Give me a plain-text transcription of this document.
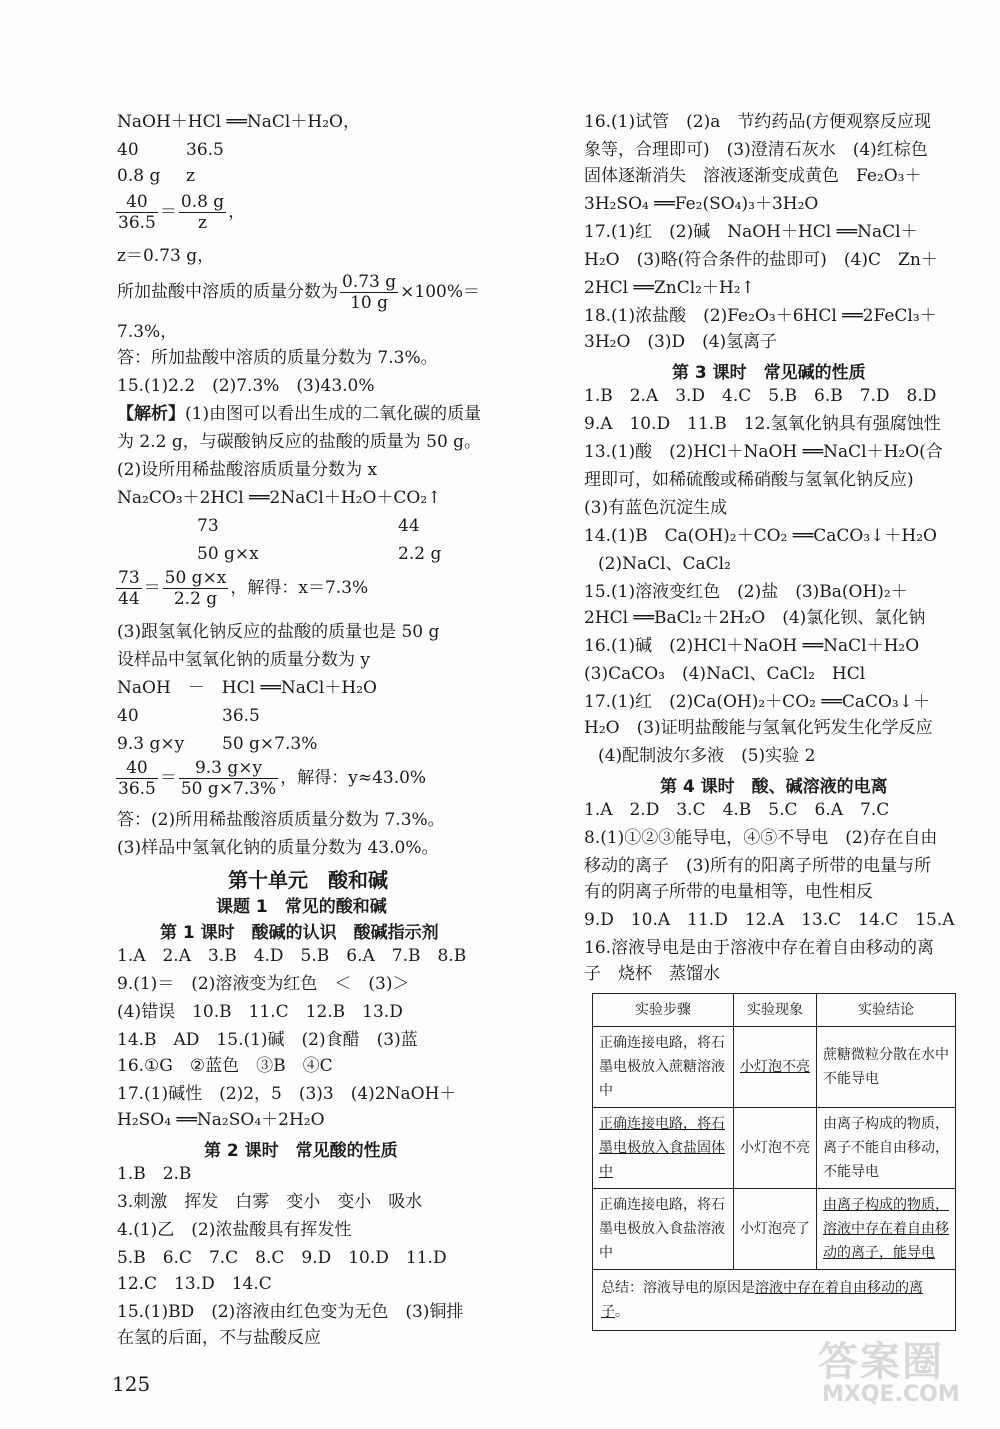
NaOH＋HCl ══NaCl＋H₂O，
40	36.5
0.8 g z
$\frac{40}{36.5} = \frac{0.8 g}{z}$ ，
z＝0.73 g，
所加盐酸中溶质的质量分数为 $\frac{0.73 g}{10 g} \times 100\%=$
7.3%，
答：所加盐酸中溶质的质量分数为 7.3%。
15.(1)2.2　(2)7.3%　(3)43.0%
【解析】(1)由图可以看出生成的二氧化碳的质量
为 2.2 g，与碳酸钠反应的盐酸的质量为 50 g。
(2)设所用稀盐酸溶质质量分数为 x
Na₂CO₃＋2HCl ══2NaCl＋H₂O＋CO₂↑
73	44
50 g×x	2.2 g
$\frac{73}{44} = \frac{50 g\times x}{2.2 g}$ ，解得：x＝7.3%
(3)跟氢氧化钠反应的盐酸的质量也是 50 g
设样品中氢氧化钠的质量分数为 y
NaOH　－　HCl ══NaCl＋H₂O
40	36.5
9.3 g×y 50 g×7.3%
$\frac{40}{36.5} = \frac{9.3 g\times y}{50 g\times 7.3\%}$ ，解得：y≈43.0%
答：(2)所用稀盐酸溶质质量分数为 7.3%。
(3)样品中氢氧化钠的质量分数为 43.0%。
第十单元　酸和碱
课题 1　常见的酸和碱
第 1 课时　酸碱的认识　酸碱指示剂
1.A　2.A　3.B　4.D　5.B　6.A　7.B　8.B
9.(1)＝　(2)溶液变为红色　＜　(3)＞
(4)错误　10.B　11.C　12.B　13.D
14.B　AD　15.(1)碱　(2)食醋　(3)蓝
16.①G　②蓝色　③B　④C
17.(1)碱性　(2)2，5　(3)3　(4)2NaOH＋
H₂SO₄ ══Na₂SO₄＋2H₂O
第 2 课时　常见酸的性质
1.B　2.B
3.刺激　挥发　白雾　变小　变小　吸水
4.(1)乙　(2)浓盐酸具有挥发性
5.B　6.C　7.C　8.C　9.D　10.D　11.D
12.C　13.D　14.C
15.(1)BD　(2)溶液由红色变为无色　(3)铜排
在氢的后面，不与盐酸反应
16.(1)试管　(2)a　节约药品(方便观察反应现
象等，合理即可)　(3)澄清石灰水　(4)红棕色
固体逐渐消失　溶液逐渐变成黄色　Fe₂O₃＋
3H₂SO₄ ══Fe₂(SO₄)₃＋3H₂O
17.(1)红　(2)碱　NaOH＋HCl ══NaCl＋
H₂O　(3)略(符合条件的盐即可)　(4)C　Zn＋
2HCl ══ZnCl₂＋H₂↑
18.(1)浓盐酸　(2)Fe₂O₃＋6HCl ══2FeCl₃＋
3H₂O　(3)D　(4)氢离子
第 3 课时　常见碱的性质
1.B　2.A　3.D　4.C　5.B　6.B　7.D　8.D
9.A　10.D　11.B　12.氢氧化钠具有强腐蚀性
13.(1)酸　(2)HCl＋NaOH ══NaCl＋H₂O(合
理即可，如稀硫酸或稀硝酸与氢氧化钠反应)
(3)有蓝色沉淀生成
14.(1)B　Ca(OH)₂＋CO₂ ══CaCO₃↓＋H₂O
(2)NaCl、CaCl₂
15.(1)溶液变红色　(2)盐　(3)Ba(OH)₂＋
2HCl ══BaCl₂＋2H₂O　(4)氯化钡、氯化钠
16.(1)碱　(2)HCl＋NaOH ══NaCl＋H₂O
(3)CaCO₃　(4)NaCl、CaCl₂　HCl
17.(1)红　(2)Ca(OH)₂＋CO₂ ══CaCO₃↓＋
H₂O　(3)证明盐酸能与氢氧化钙发生化学反应
(4)配制波尔多液　(5)实验 2
第 4 课时　酸、碱溶液的电离
1.A　2.D　3.C　4.B　5.C　6.A　7.C
8.(1)①②③能导电，④⑤不导电　(2)存在自由
移动的离子　(3)所有的阳离子所带的电量与所
有的阴离子所带的电量相等，电性相反
9.D　10.A　11.D　12.A　13.C　14.C　15.A
16.溶液导电是由于溶液中存在着自由移动的离
子　烧杯　蒸馏水
实验步骤	实验现象	实验结论
正确连接电路，将石墨电极放入蔗糖溶液中	小灯泡不亮	蔗糖微粒分散在水中不能导电
正确连接电路，将石墨电极放入食盐固体中	小灯泡不亮	由离子构成的物质，离子不能自由移动，不能导电
正确连接电路，将石墨电极放入食盐溶液中	小灯泡亮了	由离子构成的物质，溶液中存在着自由移动的离子，能导电
总结：溶液导电的原因是溶液中存在着自由移动的离子。		
125	答案圈
MXQE.COM
